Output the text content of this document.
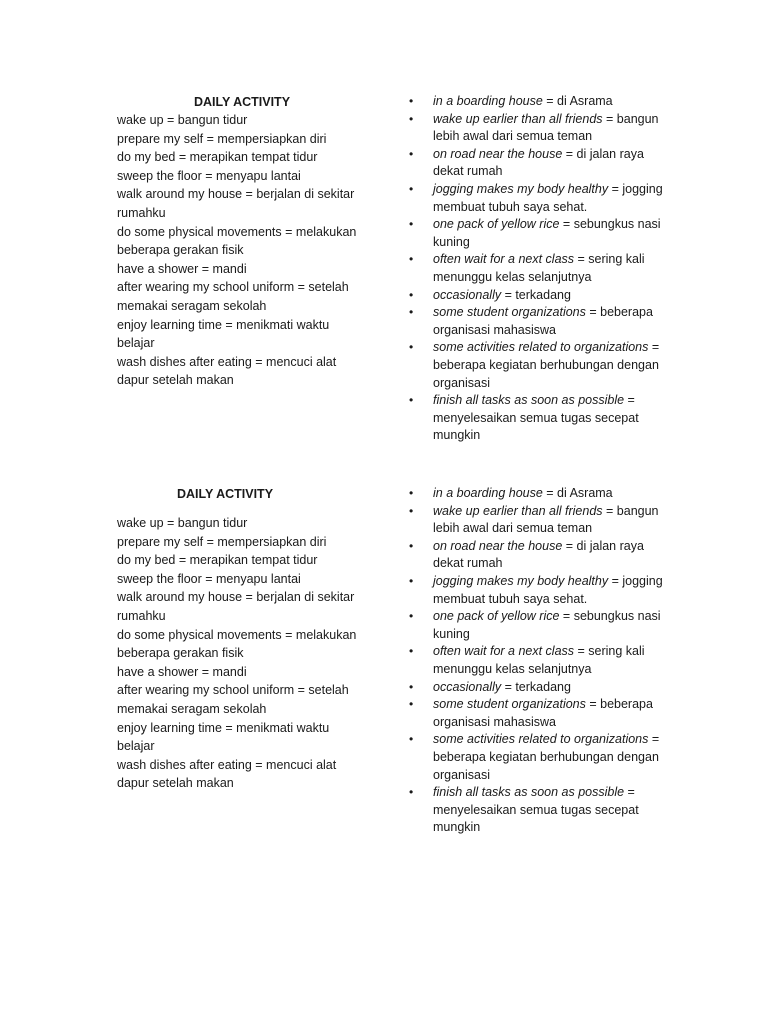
DAILY ACTIVITY
wake up = bangun tidur
prepare my self = mempersiapkan diri
do my bed = merapikan tempat tidur
sweep the floor = menyapu lantai
walk around my house = berjalan di sekitar
rumahku
do some physical movements = melakukan
beberapa gerakan fisik
have a shower = mandi
after wearing my school uniform = setelah
memakai seragam sekolah
enjoy learning time = menikmati waktu
belajar
wash dishes after eating = mencuci alat
dapur setelah makan
•	in a boarding house = di Asrama
•	wake up earlier than all friends = bangun
lebih awal dari semua teman
•	on road near the house = di jalan raya
dekat rumah
•	jogging makes my body healthy = jogging
membuat tubuh saya sehat.
•	one pack of yellow rice = sebungkus nasi
kuning
•	often wait for a next class = sering kali
menunggu kelas selanjutnya
•	occasionally = terkadang
•	some student organizations = beberapa
organisasi mahasiswa
•	some activities related to organizations =
beberapa kegiatan berhubungan dengan
organisasi
•	finish all tasks as soon as possible =
menyelesaikan semua tugas secepat
mungkin
DAILY ACTIVITY
wake up = bangun tidur
prepare my self = mempersiapkan diri
do my bed = merapikan tempat tidur
sweep the floor = menyapu lantai
walk around my house = berjalan di sekitar
rumahku
do some physical movements = melakukan
beberapa gerakan fisik
have a shower = mandi
after wearing my school uniform = setelah
memakai seragam sekolah
enjoy learning time = menikmati waktu
belajar
wash dishes after eating = mencuci alat
dapur setelah makan
•	in a boarding house = di Asrama
•	wake up earlier than all friends = bangun
lebih awal dari semua teman
•	on road near the house = di jalan raya
dekat rumah
•	jogging makes my body healthy = jogging
membuat tubuh saya sehat.
•	one pack of yellow rice = sebungkus nasi
kuning
•	often wait for a next class = sering kali
menunggu kelas selanjutnya
•	occasionally = terkadang
•	some student organizations = beberapa
organisasi mahasiswa
•	some activities related to organizations =
beberapa kegiatan berhubungan dengan
organisasi
•	finish all tasks as soon as possible =
menyelesaikan semua tugas secepat
mungkin
